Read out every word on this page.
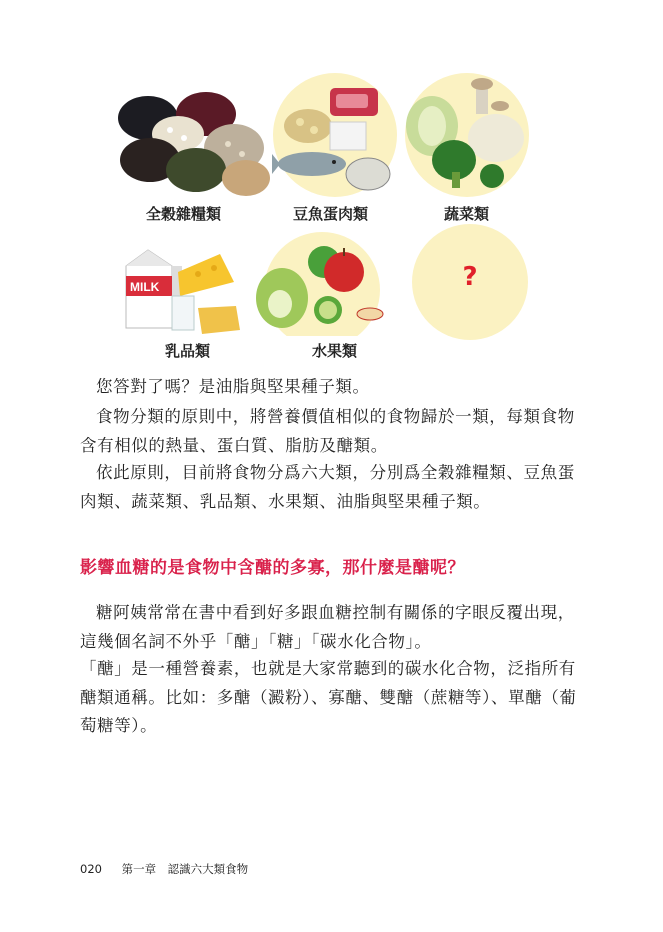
MILK	?
全穀雜糧類	豆魚蛋肉類	蔬菜類
乳品類	水果類

您答對了嗎？是油脂與堅果種子類。

食物分類的原則中，將營養價值相似的食物歸於一類，每類食物含有相似的熱量、蛋白質、脂肪及醣類。

依此原則，目前將食物分爲六大類，分別爲全穀雜糧類、豆魚蛋肉類、蔬菜類、乳品類、水果類、油脂與堅果種子類。

影響血糖的是食物中含醣的多寡，那什麼是醣呢？

糖阿姨常常在書中看到好多跟血糖控制有關係的字眼反覆出現，這幾個名詞不外乎「醣」「糖」「碳水化合物」。

「醣」是一種營養素，也就是大家常聽到的碳水化合物，泛指所有醣類通稱。比如：多醣（澱粉）、寡醣、雙醣（蔗糖等）、單醣（葡萄糖等）。

020 第一章　認識六大類食物
